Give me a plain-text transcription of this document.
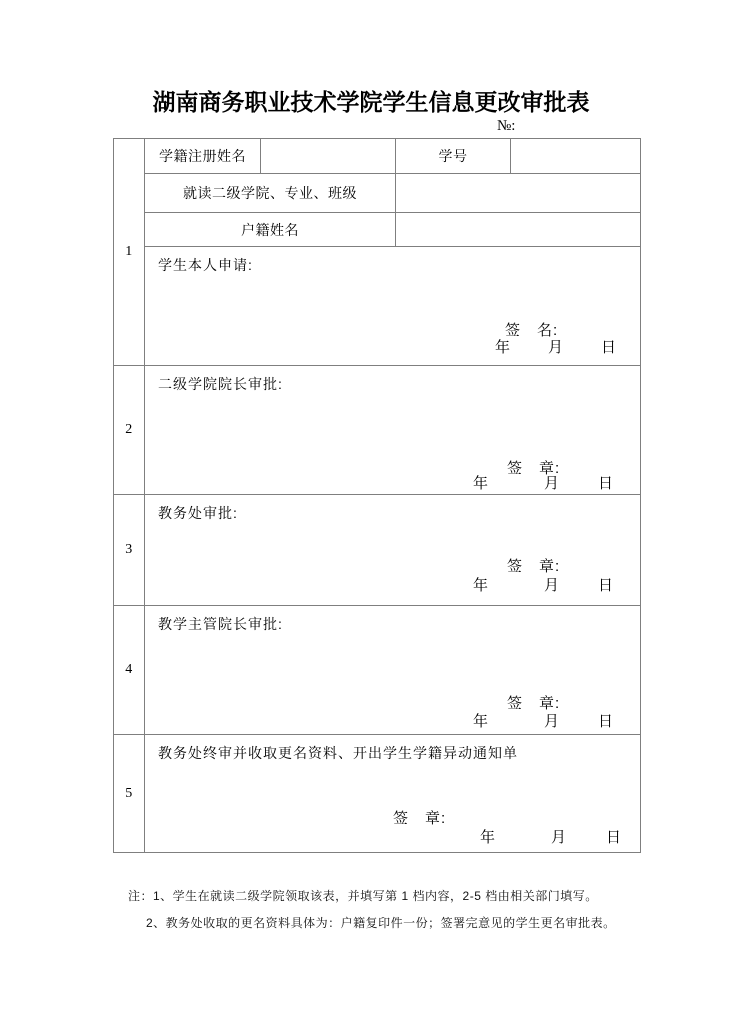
湖南商务职业技术学院学生信息更改审批表
№:
1	学籍注册姓名		学号	
	就读二级学院、专业、班级			
	户籍姓名			

	学生本人申请:
签　名:
年 月 日			

2	二级学院院长审批:
签　章:
年 月 日			

3	教务处审批:
签　章:
年 月 日			

4	教学主管院长审批:
签　章:
年 月 日			

5	教务处终审并收取更名资料、开出学生学籍异动通知单
签　章:
年 月 日			
注：1、学生在就读二级学院领取该表，并填写第 1 档内容，2-5 档由相关部门填写。
2、教务处收取的更名资料具体为：户籍复印件一份；签署完意见的学生更名审批表。
